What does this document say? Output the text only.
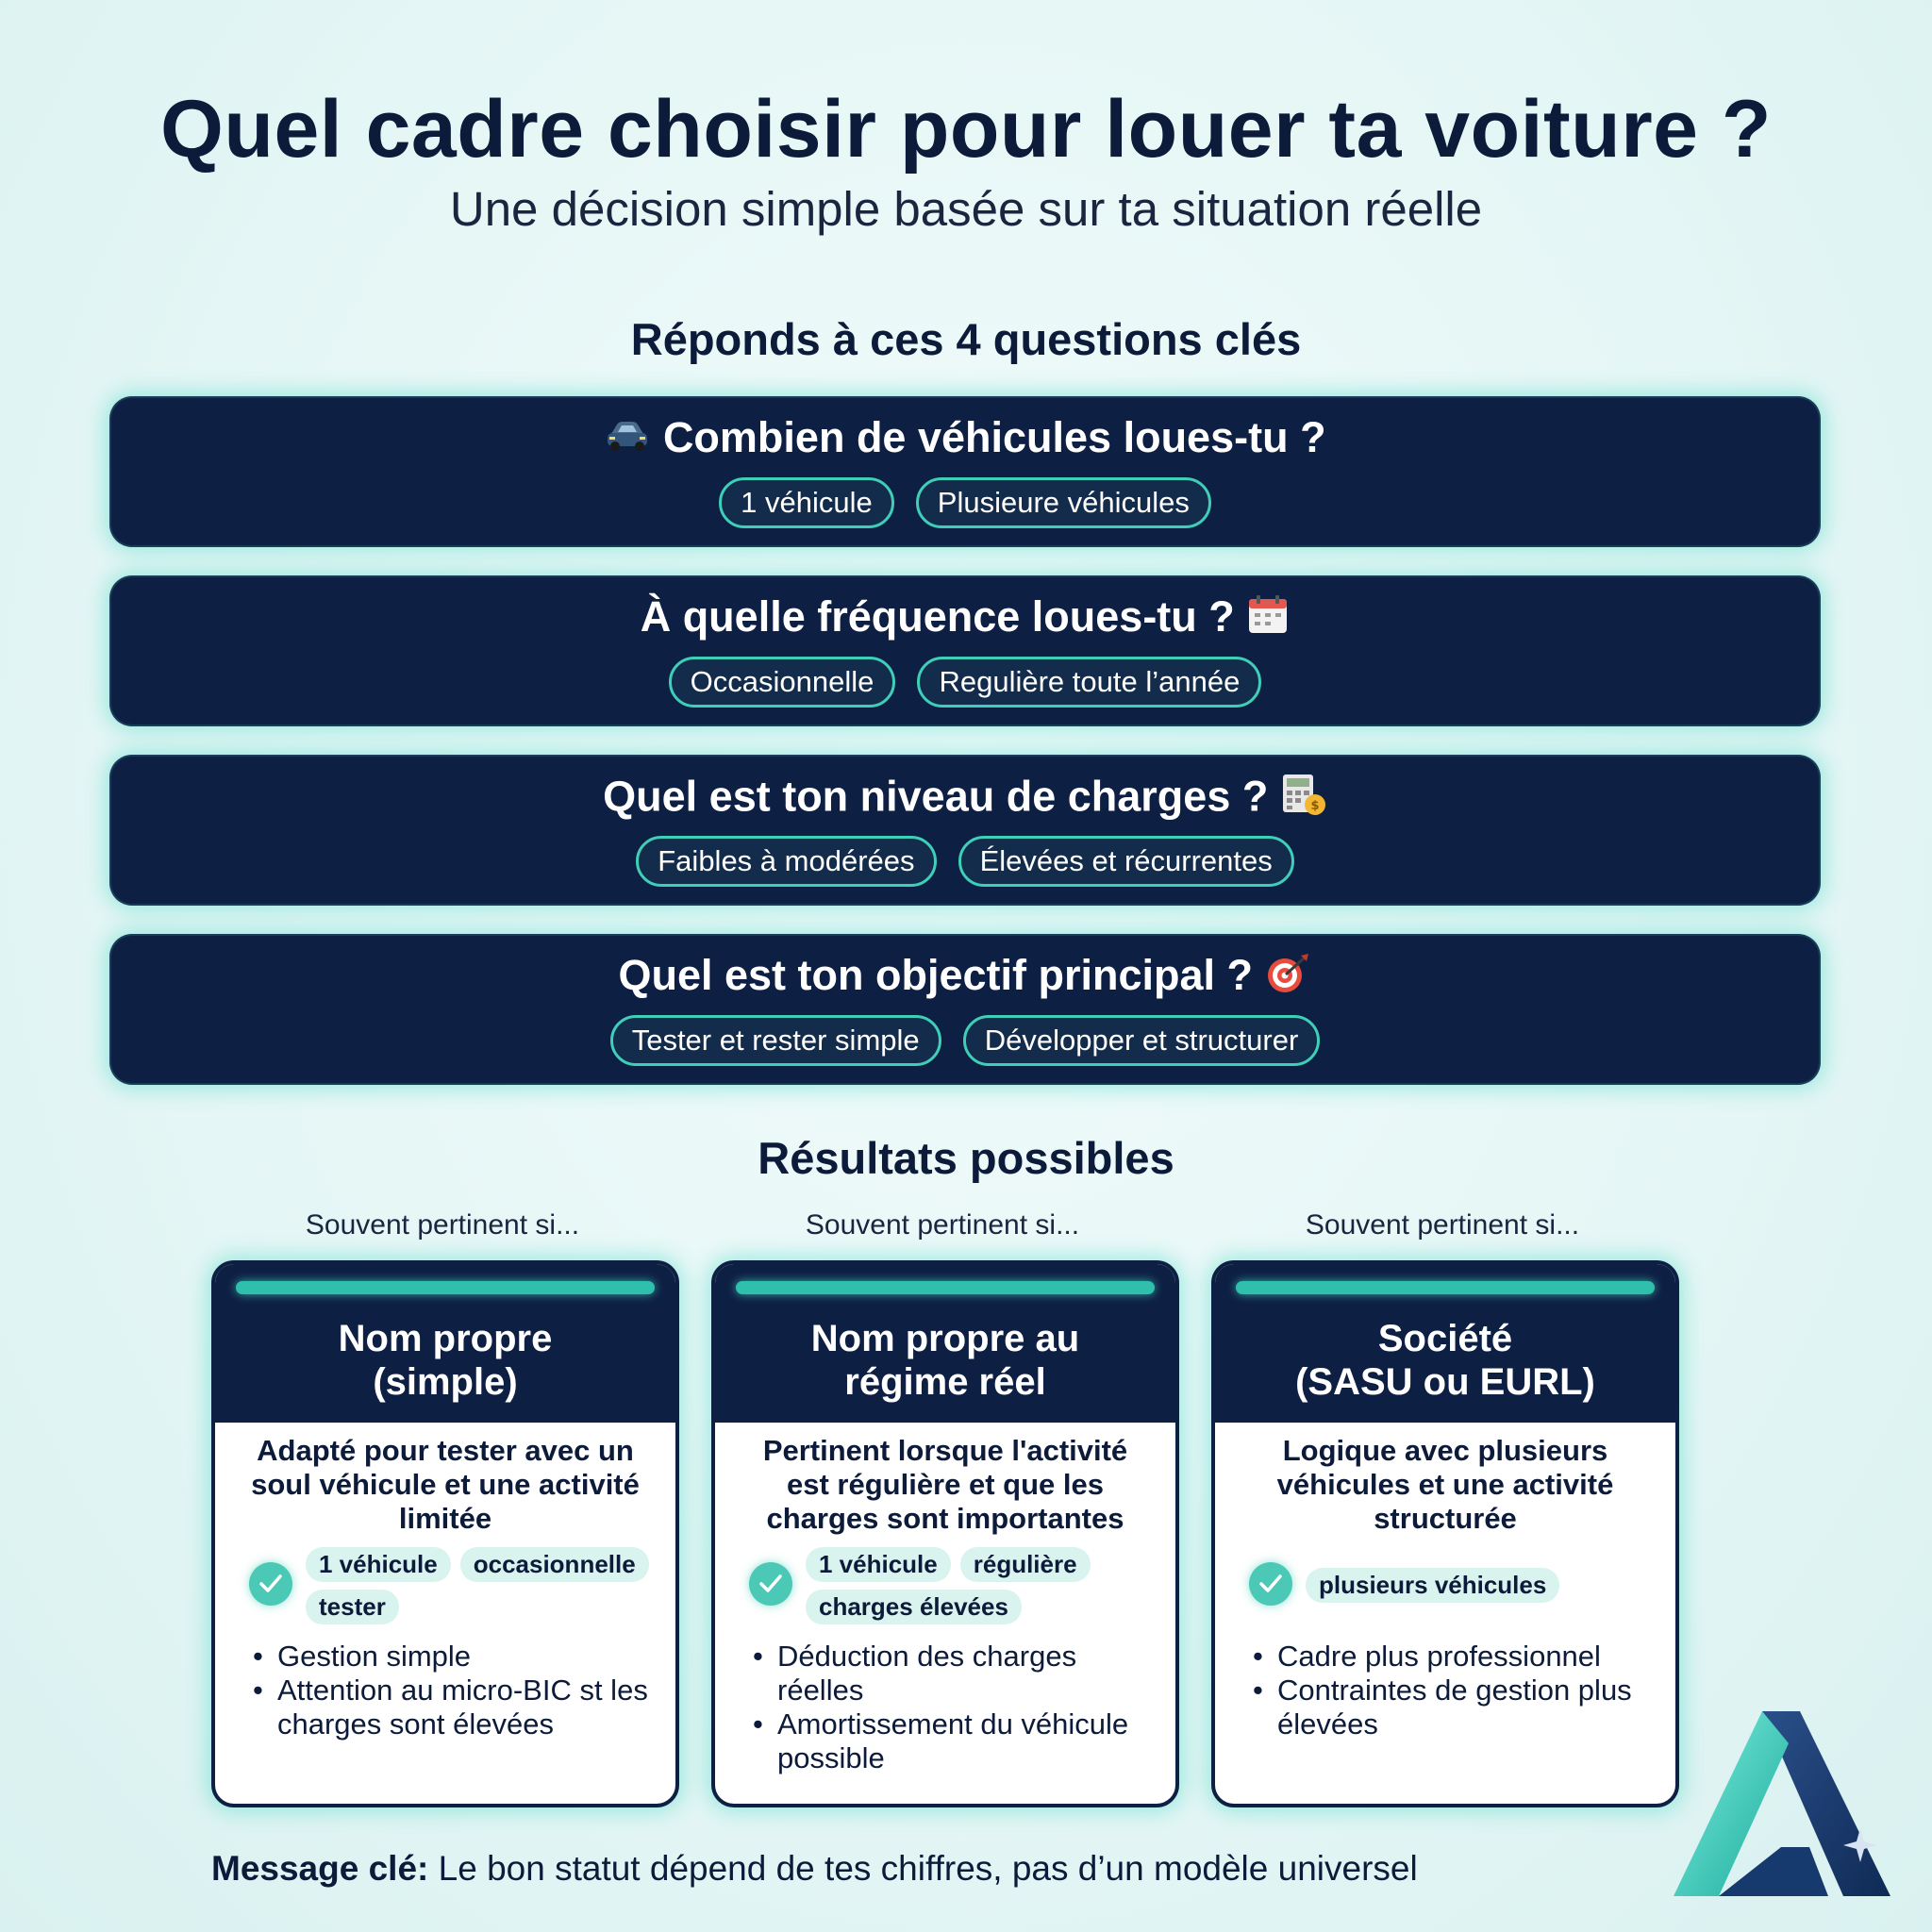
Quel cadre choisir pour louer ta voiture ?
Une décision simple basée sur ta situation réelle
Réponds à ces 4 questions clés
Combien de véhicules loues-tu ?
1 véhicule Plusieure véhicules
À quelle fréquence loues-tu ?
Occasionnelle Regulière toute l’année
Quel est ton niveau de charges ?	$
Faibles à modérées Élevées et récurrentes
Quel est ton objectif principal ?
Tester et rester simple Développer et structurer
Résultats possibles
Souvent pertinent si...	Souvent pertinent si...	Souvent pertinent si...
Nom propre
(simple)
Adapté pour tester avec un soul véhicule et une activité limitée
1 véhicule occasionnelletester
• Gestion simple
• Attention au micro-BIC st les charges sont élevées
Nom propre au
régime réel
Pertinent lorsque l'activité est régulière et que les charges sont importantes
1 véhicule régulièrecharges élevées
• Déduction des charges réelles
• Amortissement du véhicule possible
Société
(SASU ou EURL)
Logique avec plusieurs véhicules et une activité structurée
plusieurs véhicules
• Cadre plus professionnel
• Contraintes de gestion plus élevées
Message clé: Le bon statut dépend de tes chiffres, pas d’un modèle universel
